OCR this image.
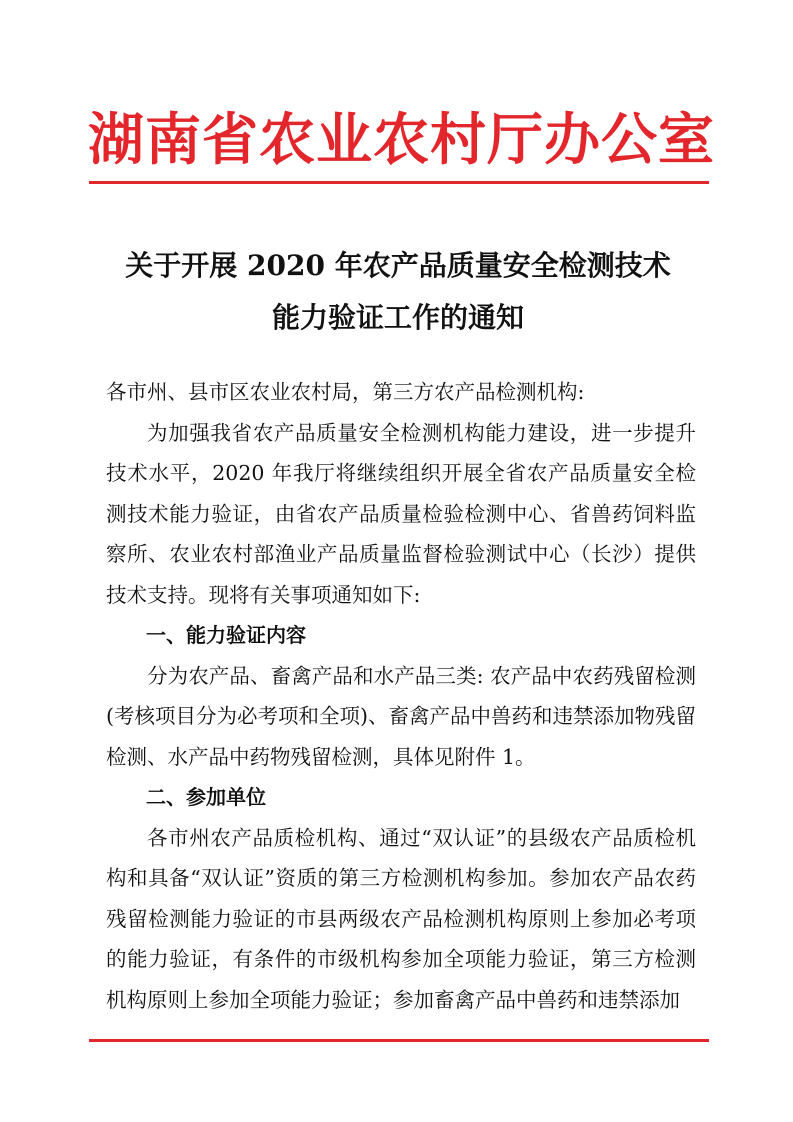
湖南省农业农村厅办公室
关于开展 2020 年农产品质量安全检测技术
能力验证工作的通知

各市州、县市区农业农村局，第三方农产品检测机构:

为加强我省农产品质量安全检测机构能力建设，进一步提升技术水平，2020 年我厅将继续组织开展全省农产品质量安全检测技术能力验证，由省农产品质量检验检测中心、省兽药饲料监察所、农业农村部渔业产品质量监督检验测试中心（长沙）提供技术支持。现将有关事项通知如下:

一、能力验证内容

分为农产品、畜禽产品和水产品三类: 农产品中农药残留检测(考核项目分为必考项和全项)、畜禽产品中兽药和违禁添加物残留检测、水产品中药物残留检测，具体见附件 1。

二、参加单位

各市州农产品质检机构、通过“双认证”的县级农产品质检机构和具备“双认证”资质的第三方检测机构参加。参加农产品农药残留检测能力验证的市县两级农产品检测机构原则上参加必考项的能力验证，有条件的市级机构参加全项能力验证，第三方检测机构原则上参加全项能力验证；参加畜禽产品中兽药和违禁添加
